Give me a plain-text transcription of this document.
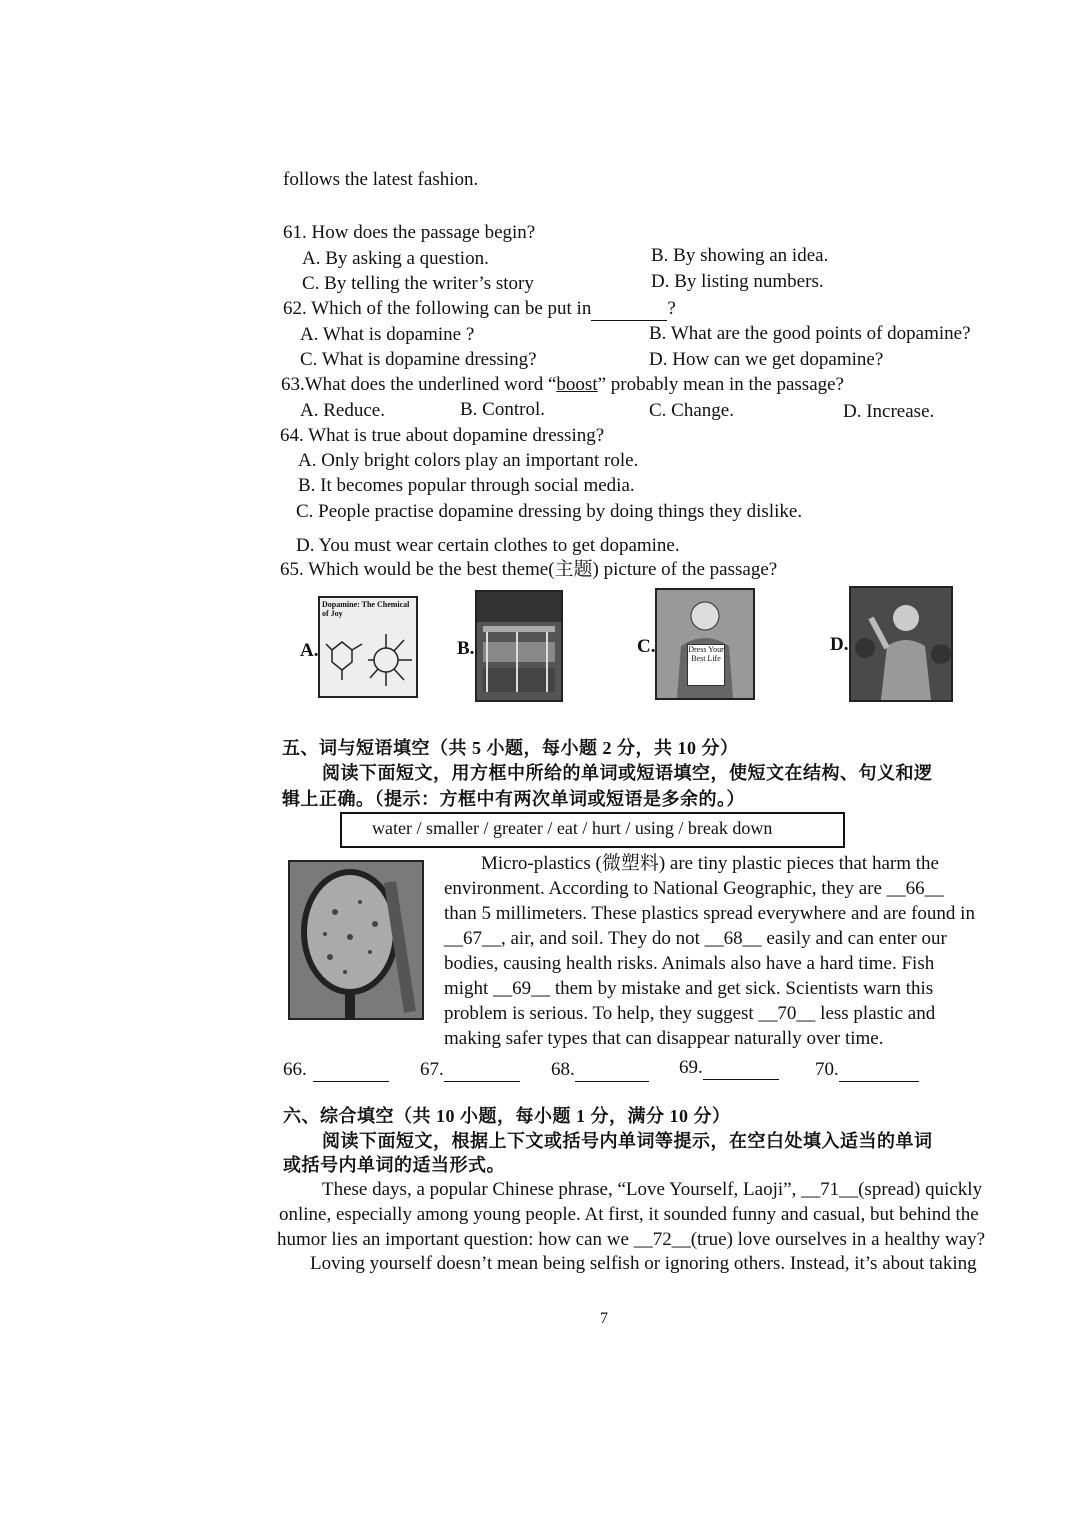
follows the latest fashion.
61. How does the passage begin?
A. By asking a question.	B. By showing an idea.
C. By telling the writer’s story	D. By listing numbers.
62. Which of the following can be put in	?
A. What is dopamine ?	B. What are the good points of dopamine?
C. What is dopamine dressing?	D. How can we get dopamine?
63.What does the underlined word “boost” probably mean in the passage?
A. Reduce.	B. Control.	C. Change.	D. Increase.
64. What is true about dopamine dressing?
A. Only bright colors play an important role.
B. It becomes popular through social media.
C. People practise dopamine dressing by doing things they dislike.
D. You must wear certain clothes to get dopamine.
65. Which would be the best theme(主题) picture of the passage?
A.
Dopamine: The Chemical of Joy
B.	C.	Dress Your Best Life
D.
五、词与短语填空（共 5 小题，每小题 2 分，共 10 分）
阅读下面短文，用方框中所给的单词或短语填空，使短文在结构、句义和逻
辑上正确。（提示：方框中有两次单词或短语是多余的。）
water / smaller / greater / eat / hurt / using / break down
Micro-plastics (微塑料) are tiny plastic pieces that harm the
environment. According to National Geographic, they are __66__
than 5 millimeters. These plastics spread everywhere and are found in
__67__, air, and soil. They do not __68__ easily and can enter our
bodies, causing health risks. Animals also have a hard time. Fish
might __69__ them by mistake and get sick. Scientists warn this
problem is serious. To help, they suggest __70__ less plastic and
making safer types that can disappear naturally over time.
66.	67.	68.	69.	70.
六、综合填空（共 10 小题，每小题 1 分，满分 10 分）
阅读下面短文，根据上下文或括号内单词等提示，在空白处填入适当的单词
或括号内单词的适当形式。
These days, a popular Chinese phrase, “Love Yourself, Laoji”, __71__(spread) quickly
online, especially among young people. At first, it sounded funny and casual, but behind the
humor lies an important question: how can we __72__(true) love ourselves in a healthy way?
Loving yourself doesn’t mean being selfish or ignoring others. Instead, it’s about taking
7
